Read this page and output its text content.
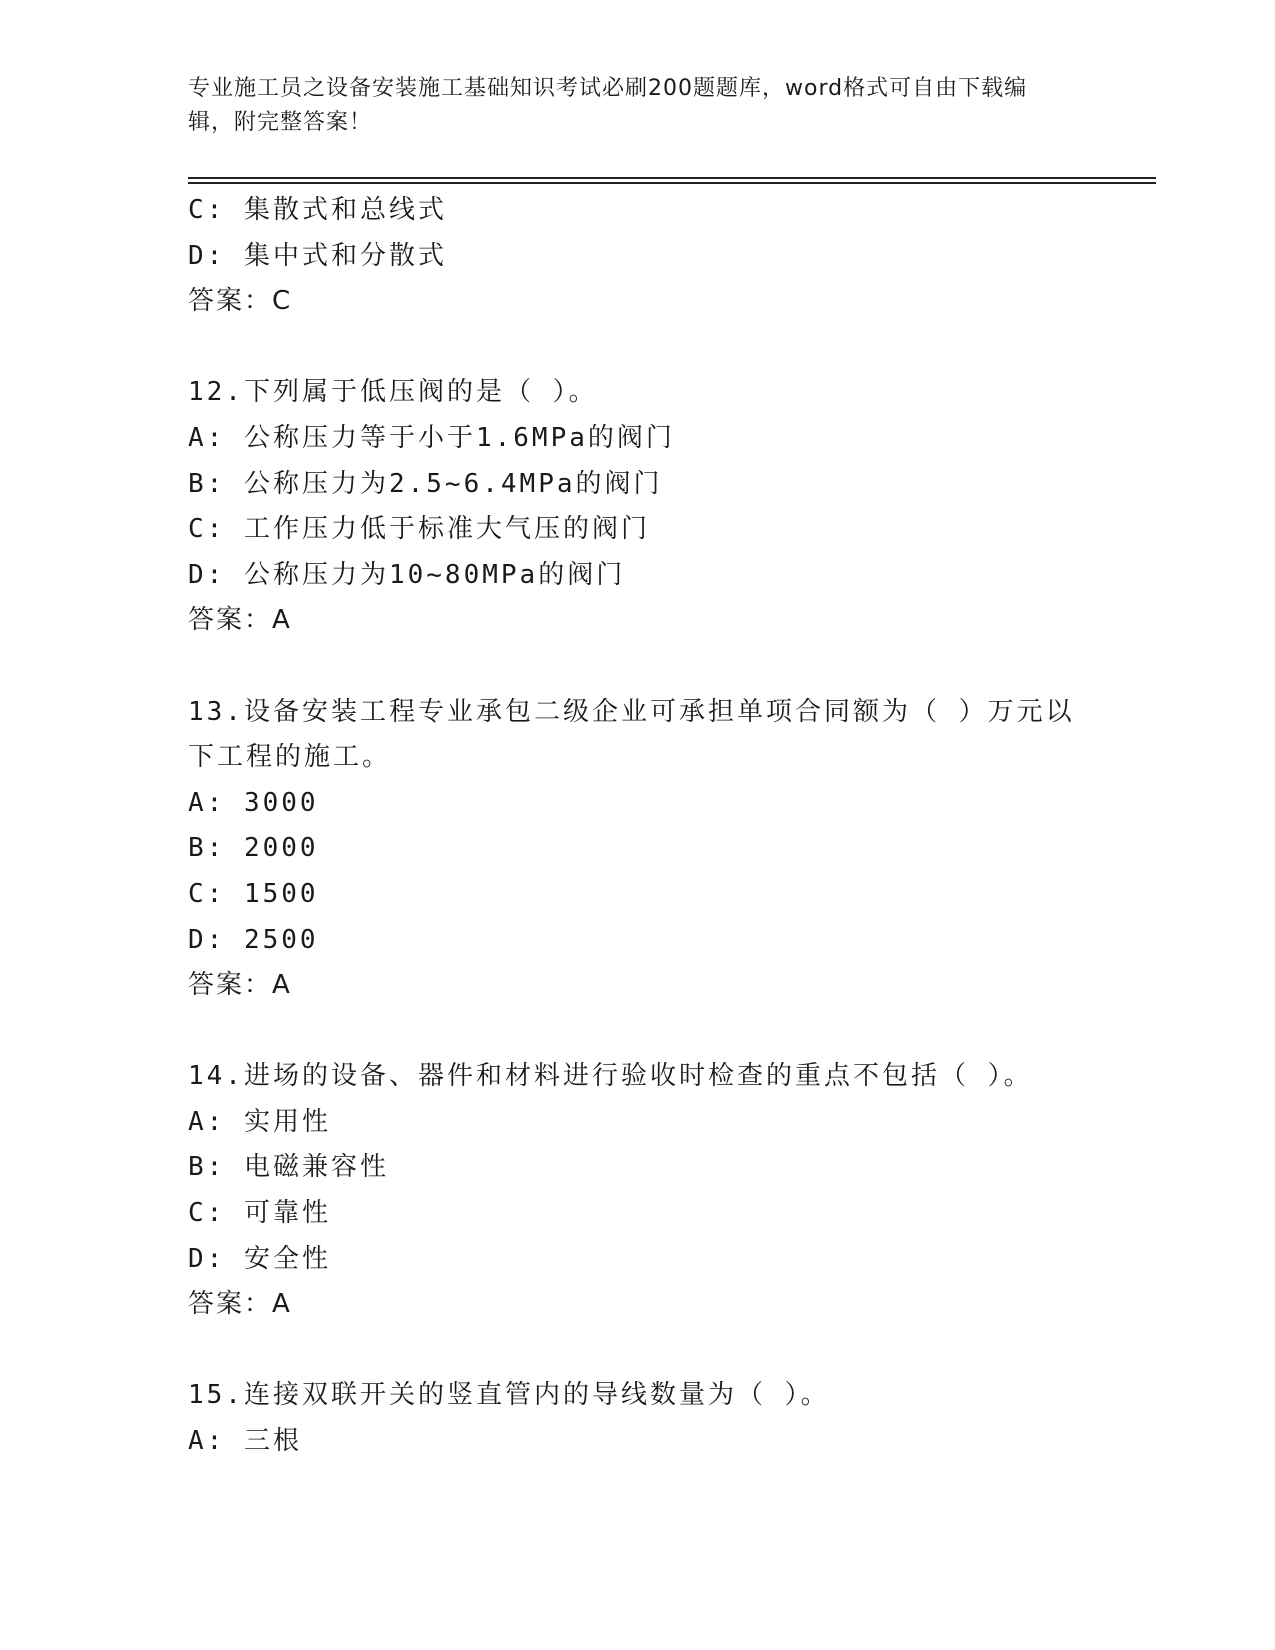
专业施工员之设备安装施工基础知识考试必刷200题题库，word格式可自由下载编辑，附完整答案！
C: 集散式和总线式
D: 集中式和分散式
答案：C
12.下列属于低压阀的是（ ）。
A: 公称压力等于小于1.6MPa的阀门
B: 公称压力为2.5~6.4MPa的阀门
C: 工作压力低于标准大气压的阀门
D: 公称压力为10~80MPa的阀门
答案：A
13.设备安装工程专业承包二级企业可承担单项合同额为（ ）万元以
下工程的施工。
A: 3000
B: 2000
C: 1500
D: 2500
答案：A
14.进场的设备、器件和材料进行验收时检查的重点不包括（ ）。
A: 实用性
B: 电磁兼容性
C: 可靠性
D: 安全性
答案：A
15.连接双联开关的竖直管内的导线数量为（ ）。
A: 三根
